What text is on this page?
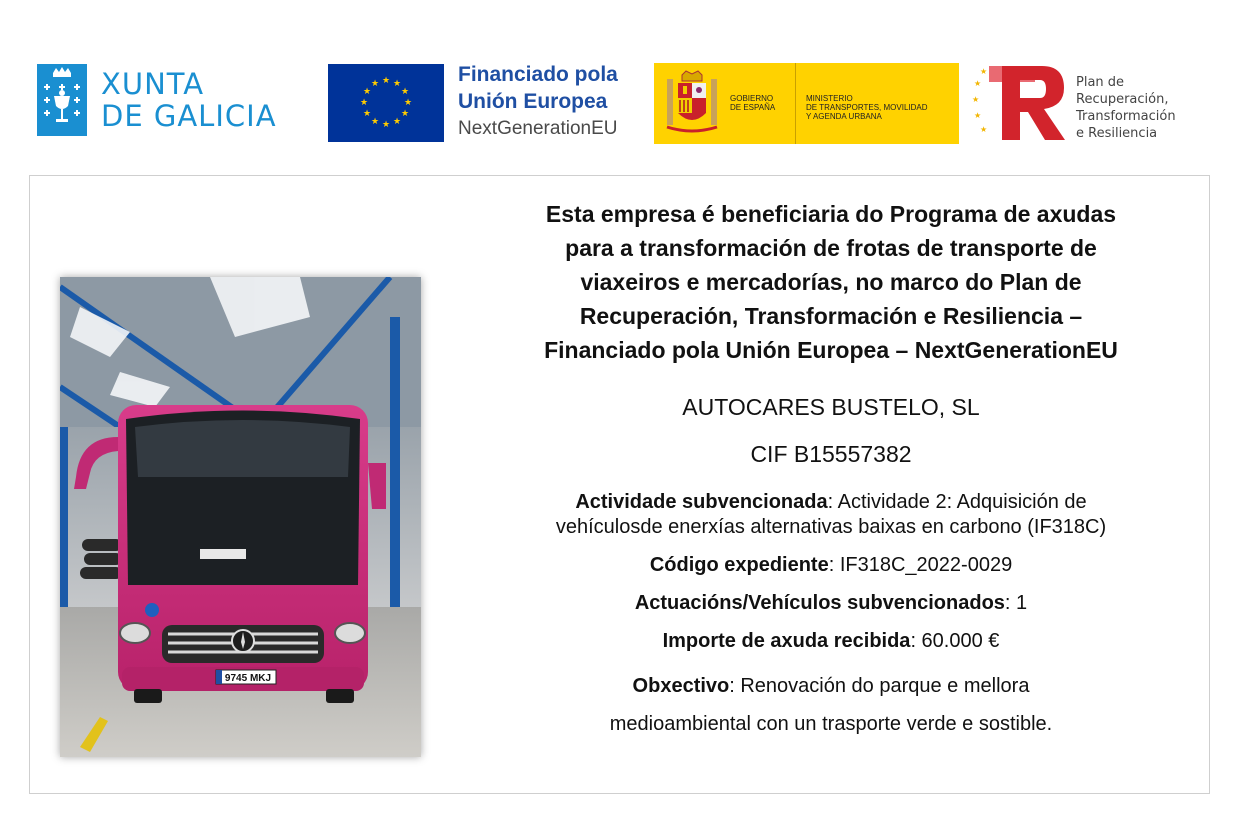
XUNTA
DE GALICIA
★ ★
★
★
★
★
★
★
★
★
★
★	Financiado pola
Unión Europea
NextGenerationEU
GOBIERNO
DE ESPAÑA
MINISTERIO
DE TRANSPORTES, MOVILIDAD
Y AGENDA URBANA
★
★
★
★
★
Plan de
Recuperación,
Transformación
e Resiliencia
9745 MKJ
Esta empresa é beneficiaria do Programa de axudas
para a transformación de frotas de transporte de
viaxeiros e mercadorías, no marco do Plan de
Recuperación, Transformación e Resiliencia –
Financiado pola Unión Europea – NextGenerationEU
AUTOCARES BUSTELO, SL
CIF B15557382
Actividade subvencionada: Actividade 2: Adquisición de
vehículosde enerxías alternativas baixas en carbono (IF318C)
Código expediente: IF318C_2022-0029
Actuacións/Vehículos subvencionados: 1
Importe de axuda recibida: 60.000 €
Obxectivo: Renovación do parque e mellora
medioambiental con un trasporte verde e sostible.
